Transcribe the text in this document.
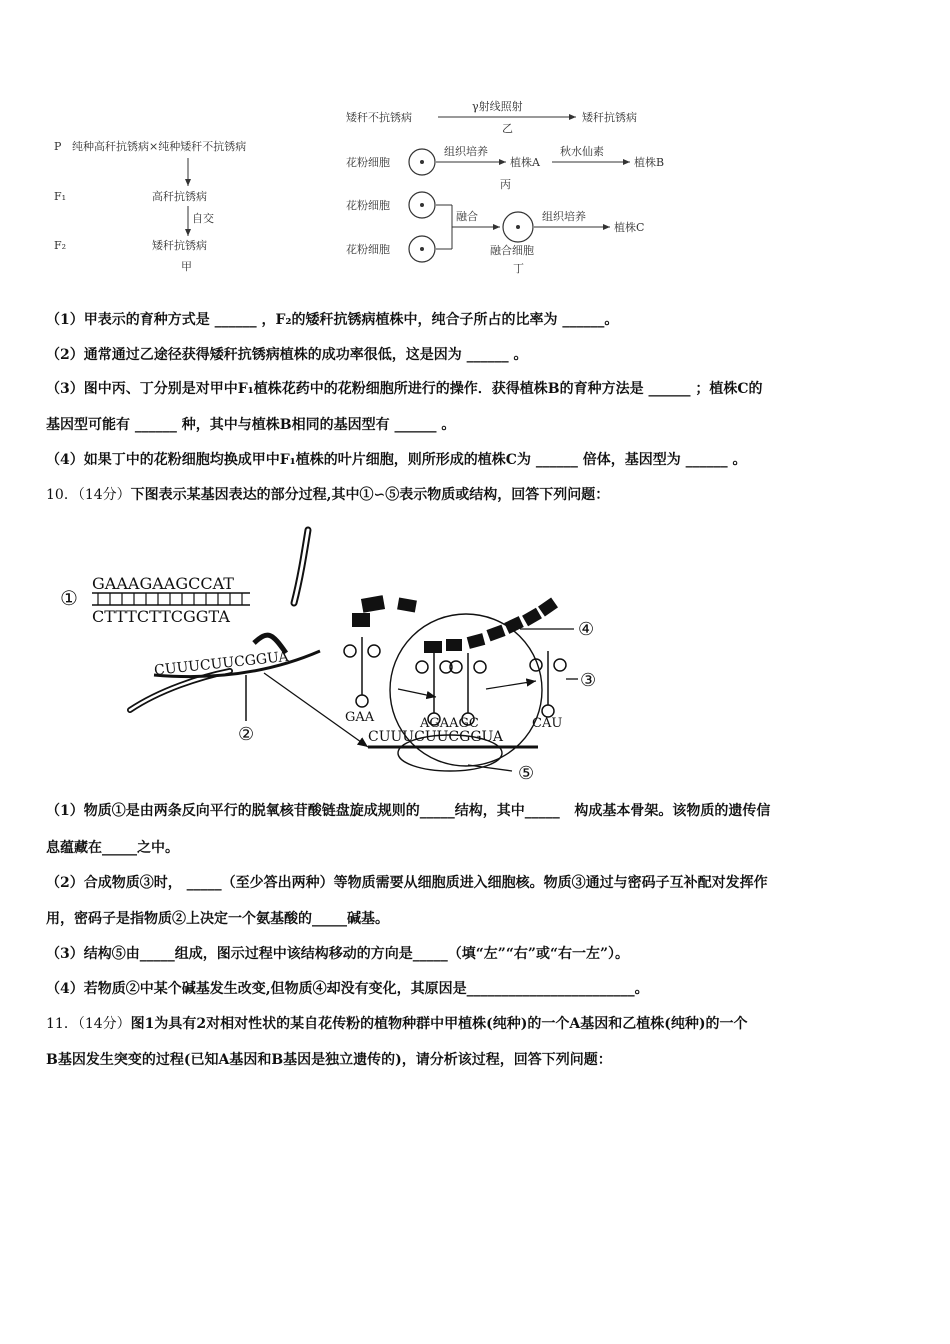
P 纯种高秆抗锈病×纯种矮秆不抗锈病
F₁	高秆抗锈病
自交
F₂	矮秆抗锈病
甲
矮秆不抗锈病
γ射线照射
乙
矮秆抗锈病
花粉细胞
组织培养
植株A
秋水仙素
植株B
丙
花粉细胞
花粉细胞
融合
融合细胞
丁
组织培养
植株C
（1）甲表示的育种方式是 ______ ，F₂的矮秆抗锈病植株中，纯合子所占的比率为 ______。
（2）通常通过乙途径获得矮秆抗锈病植株的成功率很低，这是因为 ______ 。
（3）图中丙、丁分别是对甲中F₁植株花药中的花粉细胞所进行的操作．获得植株B的育种方法是 ______ ；植株C的
基因型可能有 ______ 种，其中与植株B相同的基因型有 ______ 。
（4）如果丁中的花粉细胞均换成甲中F₁植株的叶片细胞，则所形成的植株C为 ______ 倍体，基因型为 ______ 。
10．（14分）下图表示某基因表达的部分过程,其中①∽⑤表示物质或结构，回答下列问题：
①
GAAAGAAGCCAT
CTTTCTTCGGTA
CUUUCUUCGGUA
②	CUUUCUUCGGUA
⑤
GAA	AGAAGC	CAU
③
④
（1）物质①是由两条反向平行的脱氧核苷酸链盘旋成规则的_____结构，其中_____   构成基本骨架。该物质的遗传信
息蕴藏在_____之中。
（2）合成物质③时， _____（至少答出两种）等物质需要从细胞质进入细胞核。物质③通过与密码子互补配对发挥作
用，密码子是指物质②上决定一个氨基酸的_____碱基。
（3）结构⑤由_____组成，图示过程中该结构移动的方向是_____（填“左”“右”或“右一左”）。
（4）若物质②中某个碱基发生改变,但物质④却没有变化，其原因是________________________。
11．（14分）图1为具有2对相对性状的某自花传粉的植物种群中甲植株(纯种)的一个A基因和乙植株(纯种)的一个
B基因发生突变的过程(已知A基因和B基因是独立遗传的)，请分析该过程，回答下列问题：
